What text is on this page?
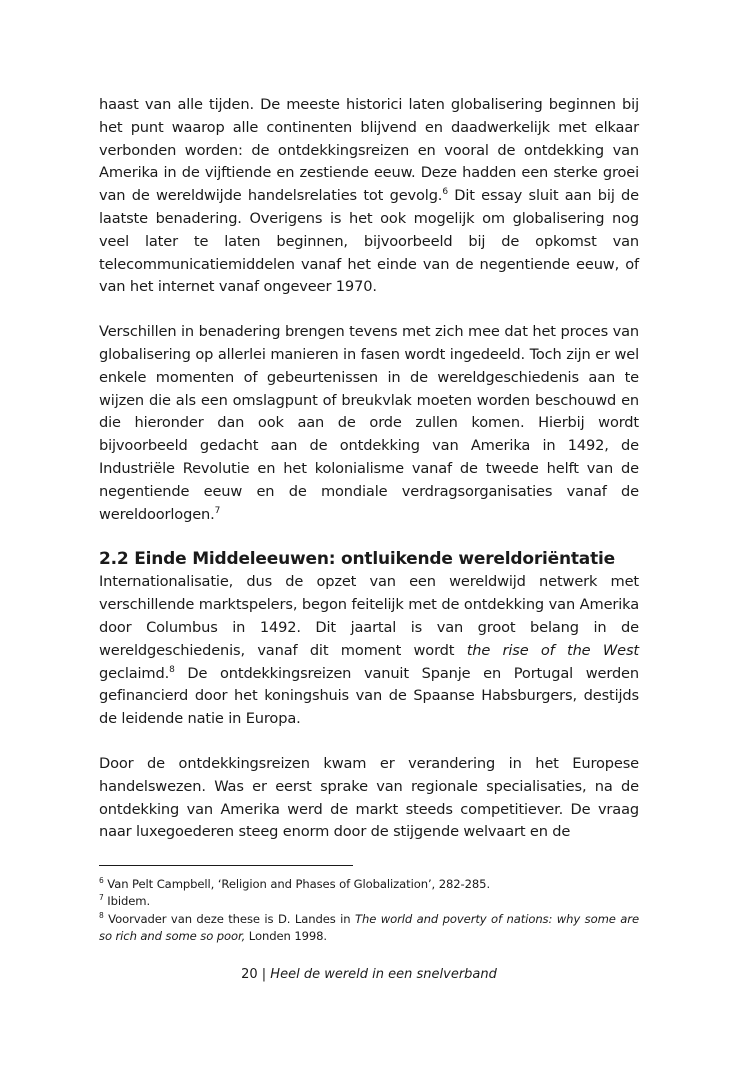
haast van alle tijden. De meeste historici laten globalisering beginnen bij het punt waarop alle continenten blijvend en daadwerkelijk met elkaar verbonden worden: de ontdekkingsreizen en vooral de ontdekking van Amerika in de vijftiende en zestiende eeuw. Deze hadden een sterke groei van de wereldwijde handelsrelaties tot gevolg.$^6$ Dit essay sluit aan bij de laatste benadering. Overigens is het ook mogelijk om globalisering nog veel later te laten beginnen, bijvoorbeeld bij de opkomst van telecommunicatiemiddelen vanaf het einde van de negentiende eeuw, of van het internet vanaf ongeveer 1970.

Verschillen in benadering brengen tevens met zich mee dat het proces van globalisering op allerlei manieren in fasen wordt ingedeeld. Toch zijn er wel enkele momenten of gebeurtenissen in de wereldgeschiedenis aan te wijzen die als een omslagpunt of breukvlak moeten worden beschouwd en die hieronder dan ook aan de orde zullen komen. Hierbij wordt bijvoorbeeld gedacht aan de ontdekking van Amerika in 1492, de Industriële Revolutie en het kolonialisme vanaf de tweede helft van de negentiende eeuw en de mondiale verdragsorganisaties vanaf de wereldoorlogen.$^7$

2.2 Einde Middeleeuwen: ontluikende wereldoriëntatie

Internationalisatie, dus de opzet van een wereldwijd netwerk met verschillende marktspelers, begon feitelijk met de ontdekking van Amerika door Columbus in 1492. Dit jaartal is van groot belang in de wereldgeschiedenis, vanaf dit moment wordt the rise of the West geclaimd.$^8$ De ontdekkingsreizen vanuit Spanje en Portugal werden gefinancierd door het koningshuis van de Spaanse Habsburgers, destijds de leidende natie in Europa.

Door de ontdekkingsreizen kwam er verandering in het Europese handelswezen. Was er eerst sprake van regionale specialisaties, na de ontdekking van Amerika werd de markt steeds competitiever. De vraag naar luxegoederen steeg enorm door de stijgende welvaart en de

$^6$ Van Pelt Campbell, ‘Religion and Phases of Globalization’, 282-285.

$^7$ Ibidem.

$^8$ Voorvader van deze these is D. Landes in The world and poverty of nations: why some are so rich and some so poor, Londen 1998.

20 | Heel de wereld in een snelverband
